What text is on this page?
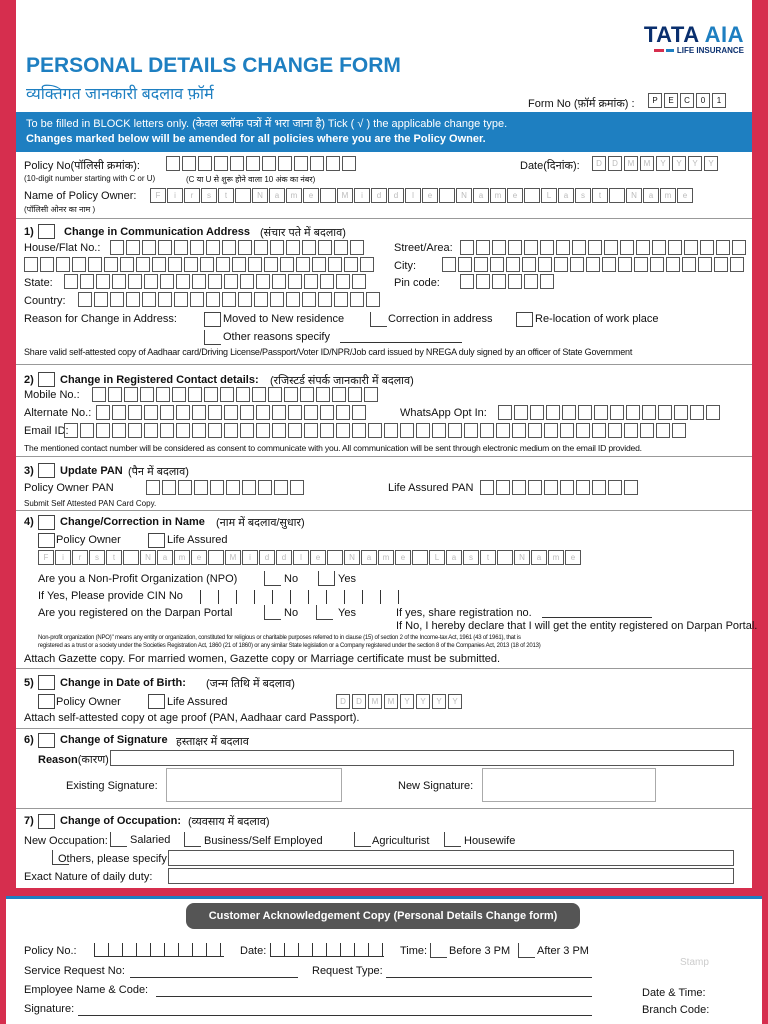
TATA AIA
LIFE INSURANCE
PERSONAL DETAILS CHANGE FORM
व्यक्तिगत जानकारी बदलाव फ़ॉर्म
Form No (फ़ॉर्म क्रमांक) :	P	E	C	0	1
To be filled in BLOCK letters only. (केवल ब्लॉक पत्रों में भरा जाना है) Tick ( √ ) the applicable change type.
Changes marked below will be amended for all policies where you are the Policy Owner.
Policy No(पॉलिसी क्रमांक):
(10-digit number starting with C or U)	(C या U से शुरू होने वाला 10 अंक का नंबर)
Date(दिनांक):	D	D	M	M	Y	Y	Y	Y
Name of Policy Owner:
(पॉलिसी ओनर का नाम )
F	i	r	s	t	N	a	m	e	M	i	d	d	l	e	N	a	m	e	L	a	s	t	N	a	m	e
1)	Change in Communication Address (संचार पते में बदलाव)
House/Flat No.:	Street/Area:
City:
State:	Pin code:
Country:
Reason for Change in Address:	Moved to New residence	Correction in address	Re-location of work place
Other reasons specify
Share valid self-attested copy of Aadhaar card/Driving License/Passport/Voter ID/NPR/Job card issued by NREGA duly signed by an officer of State Government
2) Change in Registered Contact details: (रजिस्टर्ड संपर्क जानकारी में बदलाव)
Mobile No.:
Alternate No.:	WhatsApp Opt In:
Email ID:
The mentioned contact number will be considered as consent to communicate with you. All communication will be sent through electronic medium on the email ID provided.
3) Update PAN (पैन में बदलाव)
Policy Owner PAN	Life Assured PAN
Submit Self Attested PAN Card Copy.
4) Change/Correction in Name (नाम में बदलाव/सुधार)
Policy Owner	Life Assured
F	i	r	s	t	N	a	m	e	M	i	d	d	l	e	N	a	m	e	L	a	s	t	N	a	m	e
Are you a Non-Profit Organization (NPO)	No	Yes
If Yes, Please provide CIN No
Are you registered on the Darpan Portal	No	Yes	If yes, share registration no.
If No, I hereby declare that I will get the entity registered on Darpan Portal.
Non-profit organization (NPO)" means any entity or organization, constituted for religious or charitable purposes referred to in clause (15) of section 2 of the Income-tax Act, 1961 (43 of 1961), that is
registered as a trust or a society under the Societies Registration Act, 1860 (21 of 1860) or any similar State legislation or a Company registered under the section 8 of the Companies Act, 2013 (18 of 2013)
Attach Gazette copy. For married women, Gazette copy or Marriage certificate must be submitted.
5) Change in Date of Birth: (जन्म तिथि में बदलाव)
Policy Owner	Life Assured	D	D	M	M	Y	Y	Y	Y
Attach self-attested copy ot age proof (PAN, Aadhaar card Passport).
6) Change of Signature हस्ताक्षर में बदलाव
Reason(कारण)
Existing Signature:	New Signature:
7) Change of Occupation: (व्यवसाय में बदलाव)
New Occupation: Salaried	Business/Self Employed	Agriculturist	Housewife
Others, please specify
Exact Nature of daily duty:
Customer Acknowledgement Copy (Personal Details Change form)
Policy No.:	Date:	Time: Before 3 PM After 3 PM
Stamp
Service Request No:	Request Type:
Employee Name & Code:	Date & Time:
Signature:	Branch Code:
